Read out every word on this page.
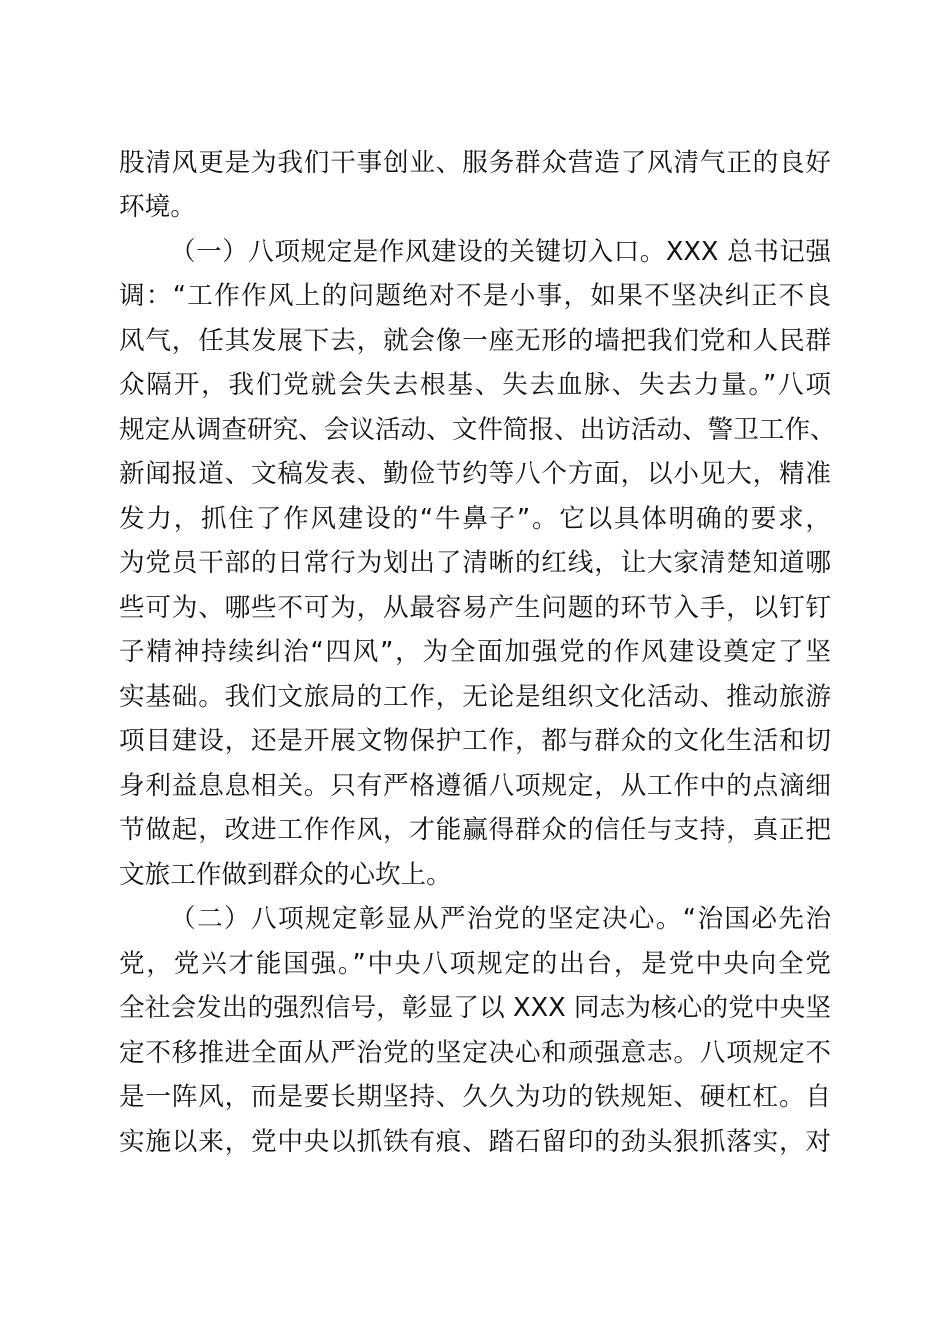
股清风更是为我们干事创业、服务群众营造了风清气正的良好
环境。
（一）八项规定是作风建设的关键切入口。XXX 总书记强
调：“工作作风上的问题绝对不是小事，如果不坚决纠正不良
风气，任其发展下去，就会像一座无形的墙把我们党和人民群
众隔开，我们党就会失去根基、失去血脉、失去力量。”八项
规定从调查研究、会议活动、文件简报、出访活动、警卫工作、
新闻报道、文稿发表、勤俭节约等八个方面，以小见大，精准
发力，抓住了作风建设的“牛鼻子”。它以具体明确的要求，
为党员干部的日常行为划出了清晰的红线，让大家清楚知道哪
些可为、哪些不可为，从最容易产生问题的环节入手，以钉钉
子精神持续纠治“四风”，为全面加强党的作风建设奠定了坚
实基础。我们文旅局的工作，无论是组织文化活动、推动旅游
项目建设，还是开展文物保护工作，都与群众的文化生活和切
身利益息息相关。只有严格遵循八项规定，从工作中的点滴细
节做起，改进工作作风，才能赢得群众的信任与支持，真正把
文旅工作做到群众的心坎上。
（二）八项规定彰显从严治党的坚定决心。“治国必先治
党，党兴才能国强。”中央八项规定的出台，是党中央向全党
全社会发出的强烈信号，彰显了以 XXX 同志为核心的党中央坚
定不移推进全面从严治党的坚定决心和顽强意志。八项规定不
是一阵风，而是要长期坚持、久久为功的铁规矩、硬杠杠。自
实施以来，党中央以抓铁有痕、踏石留印的劲头狠抓落实，对
